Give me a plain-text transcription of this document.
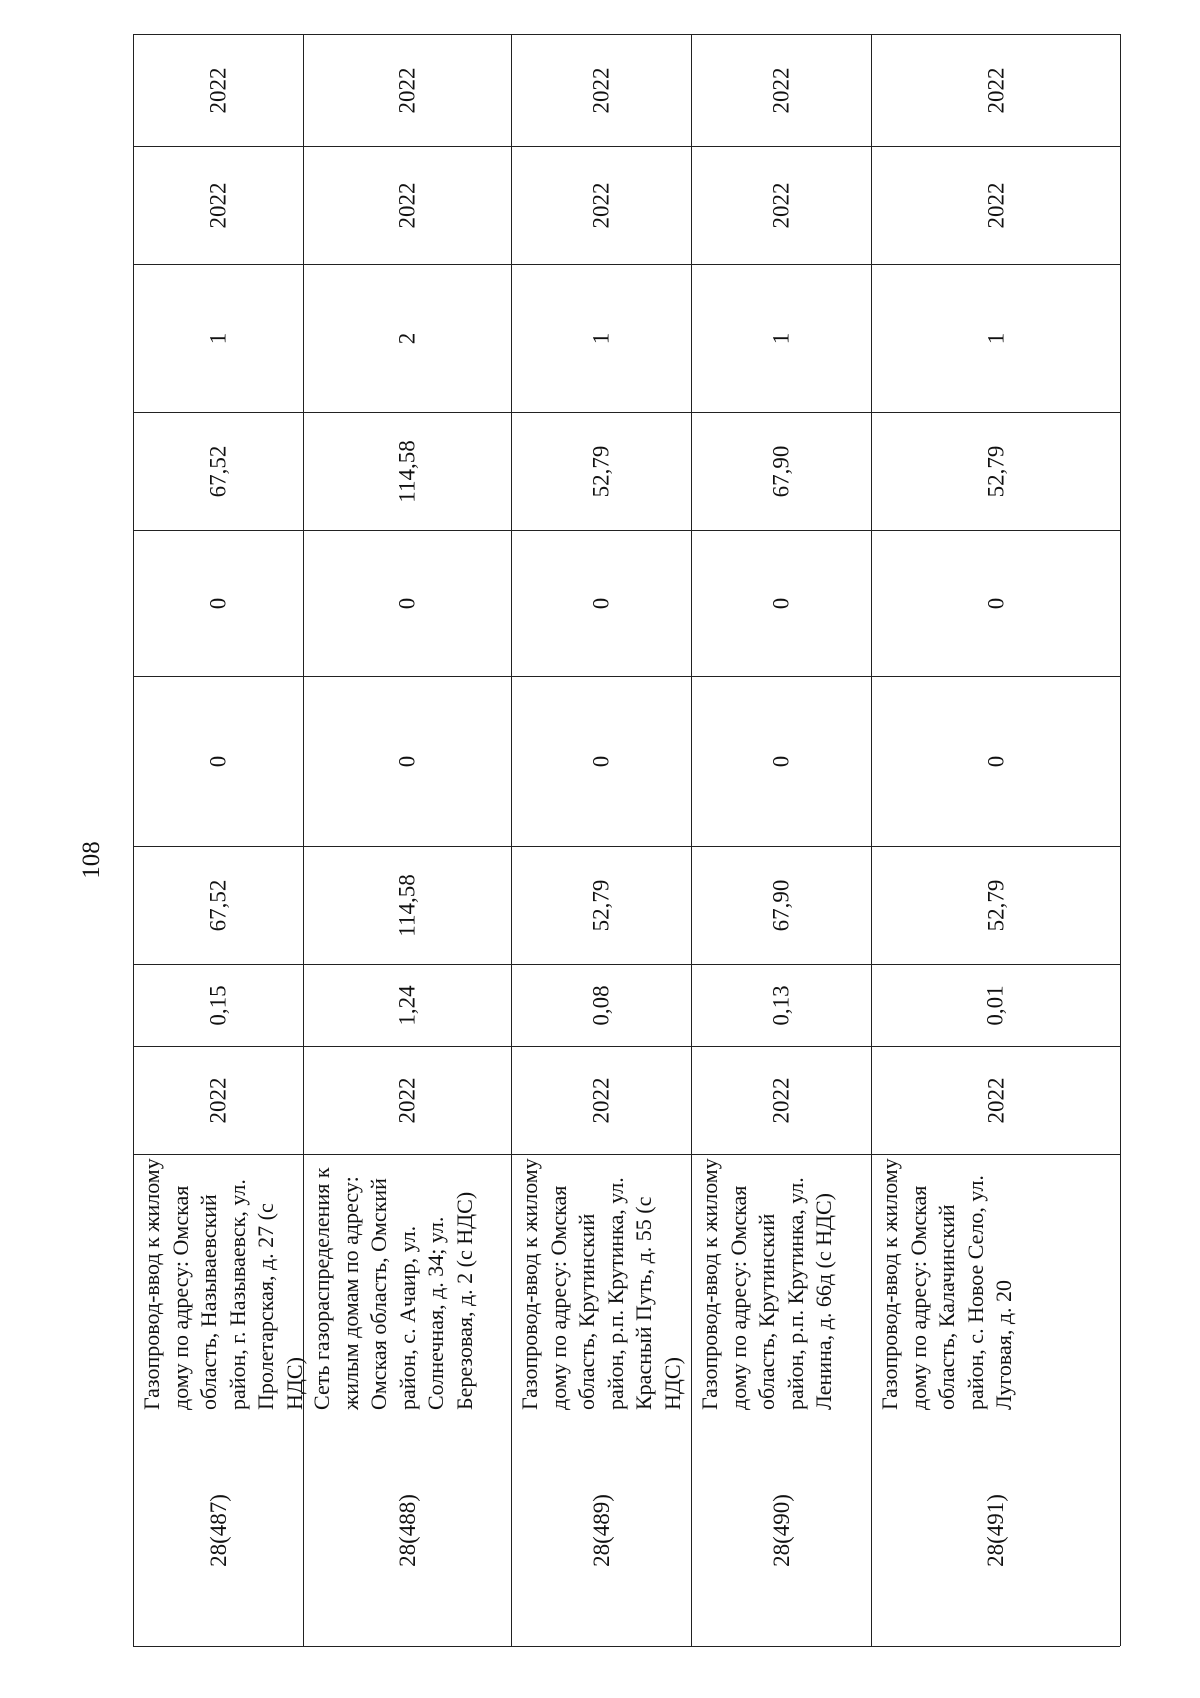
108
2022
2022
1
67,52
0
0
67,52
0,15
2022
Газопровод-ввод к жилому дому по адресу: Омская область, Называевский район, г. Называевск, ул. Пролетарская, д. 27 (с НДС)
28(487)
2022
2022
2
114,58
0
0
114,58
1,24
2022
Сеть газораспределения к жилым домам по адресу: Омская область, Омский район, с. Ачаир, ул. Солнечная, д. 34; ул. Березовая, д. 2 (с НДС)
28(488)
2022
2022
1
52,79
0
0
52,79
0,08
2022
Газопровод-ввод к жилому дому по адресу: Омская область, Крутинский район, р.п. Крутинка, ул. Красный Путь, д. 55 (с НДС)
28(489)
2022
2022
1
67,90
0
0
67,90
0,13
2022
Газопровод-ввод к жилому дому по адресу: Омская область, Крутинский район, р.п. Крутинка, ул. Ленина, д. 66д (с НДС)
28(490)
2022
2022
1
52,79
0
0
52,79
0,01
2022
Газопровод-ввод к жилому дому по адресу: Омская область, Калачинский район, с. Новое Село, ул. Луговая, д. 20
28(491)
